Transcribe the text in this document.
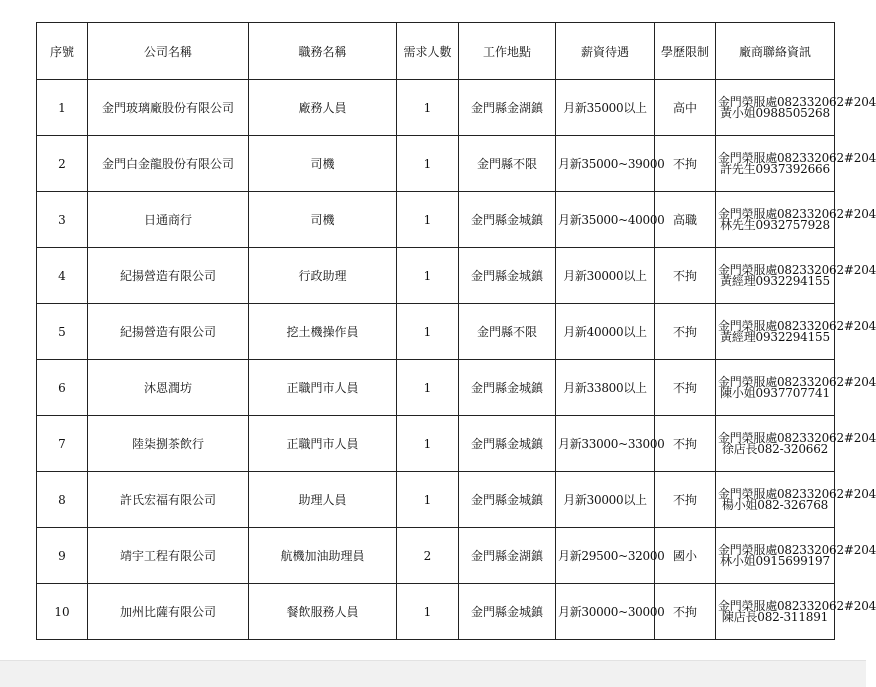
序號	公司名稱	職務名稱	需求人數	工作地點	薪資待遇	學歷限制	廠商聯絡資訊
1	金門玻璃廠股份有限公司	廠務人員	1	金門縣金湖鎮	月新35000以上	高中	金門榮服處082332062#204
黃小姐0988505268

2	金門白金龍股份有限公司	司機	1	金門縣不限	月新35000~39000	不拘	金門榮服處082332062#204
許先生0937392666

3	日通商行	司機	1	金門縣金城鎮	月新35000~40000	高職	金門榮服處082332062#204
林先生0932757928

4	紀揚營造有限公司	行政助理	1	金門縣金城鎮	月新30000以上	不拘	金門榮服處082332062#204
黃經理0932294155

5	紀揚營造有限公司	挖土機操作員	1	金門縣不限	月新40000以上	不拘	金門榮服處082332062#204
黃經理0932294155

6	沐恩潤坊	正職門市人員	1	金門縣金城鎮	月新33800以上	不拘	金門榮服處082332062#204
陳小姐0937707741

7	陸柒捌茶飲行	正職門市人員	1	金門縣金城鎮	月新33000~33000	不拘	金門榮服處082332062#204
徐店長082-320662

8	許氏宏福有限公司	助理人員	1	金門縣金城鎮	月新30000以上	不拘	金門榮服處082332062#204
楊小姐082-326768

9	靖宇工程有限公司	航機加油助理員	2	金門縣金湖鎮	月新29500~32000	國小	金門榮服處082332062#204
林小姐0915699197

10	加州比薩有限公司	餐飲服務人員	1	金門縣金城鎮	月新30000~30000	不拘	金門榮服處082332062#204
陳店長082-311891
